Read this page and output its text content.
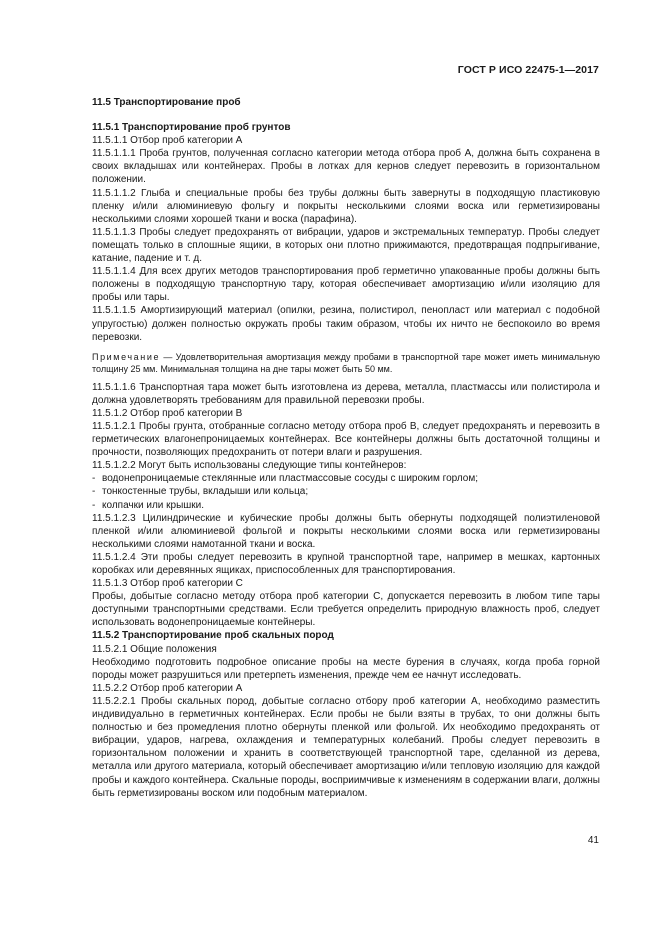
ГОСТ Р ИСО 22475-1—2017

11.5 Транспортирование проб

11.5.1 Транспортирование проб грунтов

11.5.1.1 Отбор проб категории А

11.5.1.1.1 Проба грунтов, полученная согласно категории метода отбора проб А, должна быть сохранена в своих вкладышах или контейнерах. Пробы в лотках для кернов следует перевозить в горизонтальном положении.

11.5.1.1.2 Глыба и специальные пробы без трубы должны быть завернуты в подходящую пластиковую пленку и/или алюминиевую фольгу и покрыты несколькими слоями воска или герметизированы несколькими слоями хорошей ткани и воска (парафина).

11.5.1.1.3 Пробы следует предохранять от вибрации, ударов и экстремальных температур. Пробы следует помещать только в сплошные ящики, в которых они плотно прижимаются, предотвращая подпрыгивание, катание, падение и т. д.

11.5.1.1.4 Для всех других методов транспортирования проб герметично упакованные пробы должны быть положены в подходящую транспортную тару, которая обеспечивает амортизацию и/или изоляцию для пробы или тары.

11.5.1.1.5 Амортизирующий материал (опилки, резина, полистирол, пенопласт или материал с подобной упругостью) должен полностью окружать пробы таким образом, чтобы их ничто не беспокоило во время перевозки.

Примечание — Удовлетворительная амортизация между пробами в транспортной таре может иметь минимальную толщину 25 мм. Минимальная толщина на дне тары может быть 50 мм.

11.5.1.1.6 Транспортная тара может быть изготовлена из дерева, металла, пластмассы или полистирола и должна удовлетворять требованиям для правильной перевозки пробы.

11.5.1.2 Отбор проб категории В

11.5.1.2.1 Пробы грунта, отобранные согласно методу отбора проб В, следует предохранять и перевозить в герметических влагонепроницаемых контейнерах. Все контейнеры должны быть достаточной толщины и прочности, позволяющих предохранить от потери влаги и разрушения.

11.5.1.2.2 Могут быть использованы следующие типы контейнеров:

- водонепроницаемые стеклянные или пластмассовые сосуды с широким горлом;
- тонкостенные трубы, вкладыши или кольца;
- колпачки или крышки.

11.5.1.2.3 Цилиндрические и кубические пробы должны быть обернуты подходящей полиэтиленовой пленкой и/или алюминиевой фольгой и покрыты несколькими слоями воска или герметизированы несколькими слоями намотанной ткани и воска.

11.5.1.2.4 Эти пробы следует перевозить в крупной транспортной таре, например в мешках, картонных коробках или деревянных ящиках, приспособленных для транспортирования.

11.5.1.3 Отбор проб категории С

Пробы, добытые согласно методу отбора проб категории С, допускается перевозить в любом типе тары доступными транспортными средствами. Если требуется определить природную влажность проб, следует использовать водонепроницаемые контейнеры.

11.5.2 Транспортирование проб скальных пород

11.5.2.1 Общие положения

Необходимо подготовить подробное описание пробы на месте бурения в случаях, когда проба горной породы может разрушиться или претерпеть изменения, прежде чем ее начнут исследовать.

11.5.2.2 Отбор проб категории А

11.5.2.2.1 Пробы скальных пород, добытые согласно отбору проб категории А, необходимо разместить индивидуально в герметичных контейнерах. Если пробы не были взяты в трубах, то они должны быть полностью и без промедления плотно обернуты пленкой или фольгой. Их необходимо предохранять от вибрации, ударов, нагрева, охлаждения и температурных колебаний. Пробы следует перевозить в горизонтальном положении и хранить в соответствующей транспортной таре, сделанной из дерева, металла или другого материала, который обеспечивает амортизацию и/или тепловую изоляцию для каждой пробы и каждого контейнера. Скальные породы, восприимчивые к изменениям в содержании влаги, должны быть герметизированы воском или подобным материалом.

41
